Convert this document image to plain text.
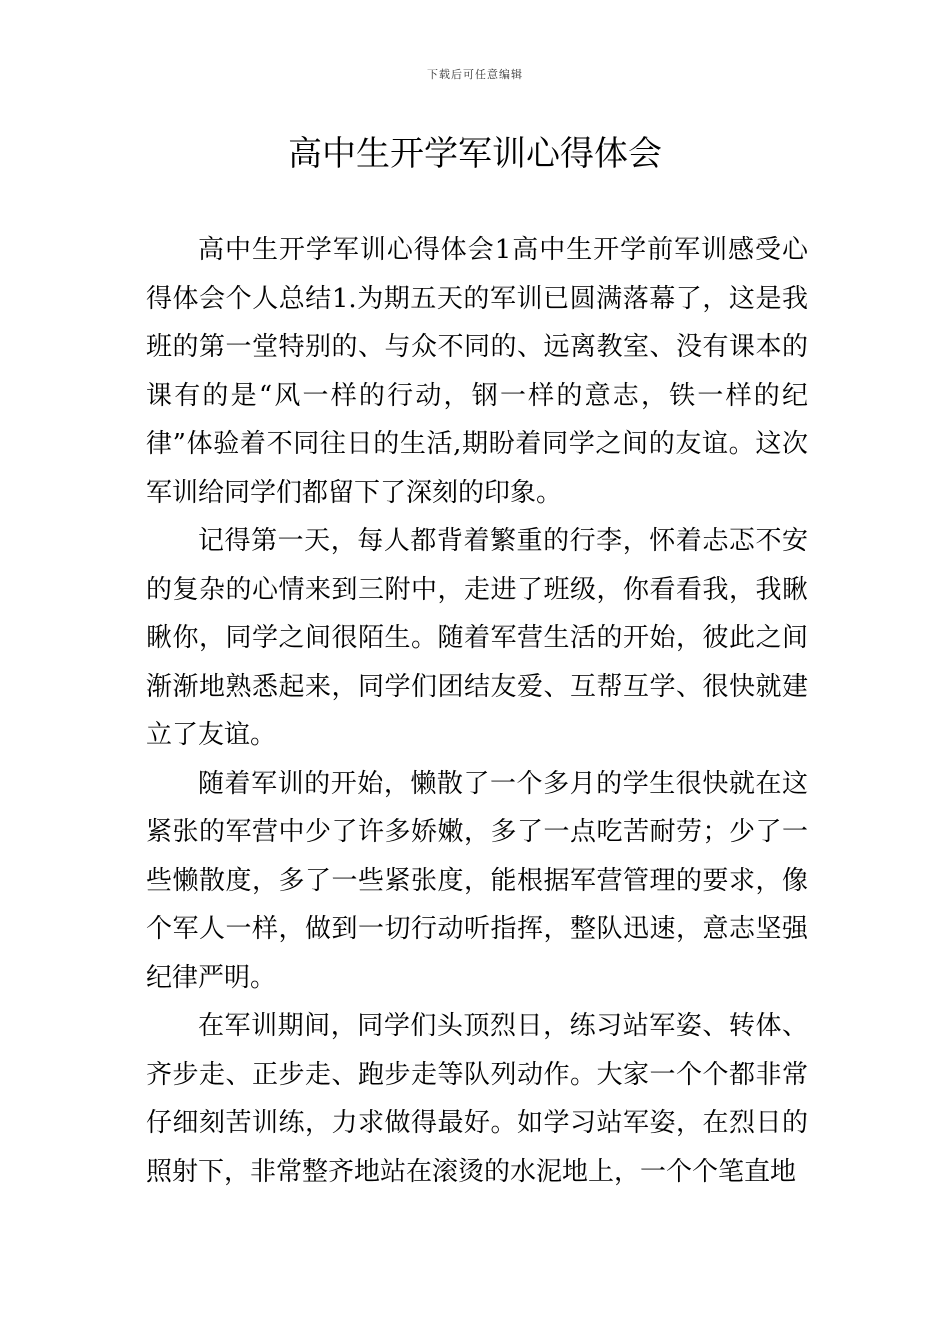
下载后可任意编辑
高中生开学军训心得体会

高中生开学军训心得体会1高中生开学前军训感受心得体会个人总结1.为期五天的军训已圆满落幕了，这是我班的第一堂特别的、与众不同的、远离教室、没有课本的课有的是“风一样的行动，钢一样的意志，铁一样的纪律”体验着不同往日的生活,期盼着同学之间的友谊。这次军训给同学们都留下了深刻的印象。

记得第一天，每人都背着繁重的行李，怀着忐忑不安的复杂的心情来到三附中，走进了班级，你看看我，我瞅瞅你，同学之间很陌生。随着军营生活的开始，彼此之间渐渐地熟悉起来，同学们团结友爱、互帮互学、很快就建立了友谊。

随着军训的开始，懒散了一个多月的学生很快就在这紧张的军营中少了许多娇嫩，多了一点吃苦耐劳；少了一些懒散度，多了一些紧张度，能根据军营管理的要求，像个军人一样，做到一切行动听指挥，整队迅速，意志坚强纪律严明。

在军训期间，同学们头顶烈日，练习站军姿、转体、齐步走、正步走、跑步走等队列动作。大家一个个都非常仔细刻苦训练，力求做得最好。如学习站军姿，在烈日的照射下，非常整齐地站在滚烫的水泥地上，一个个笔直地
